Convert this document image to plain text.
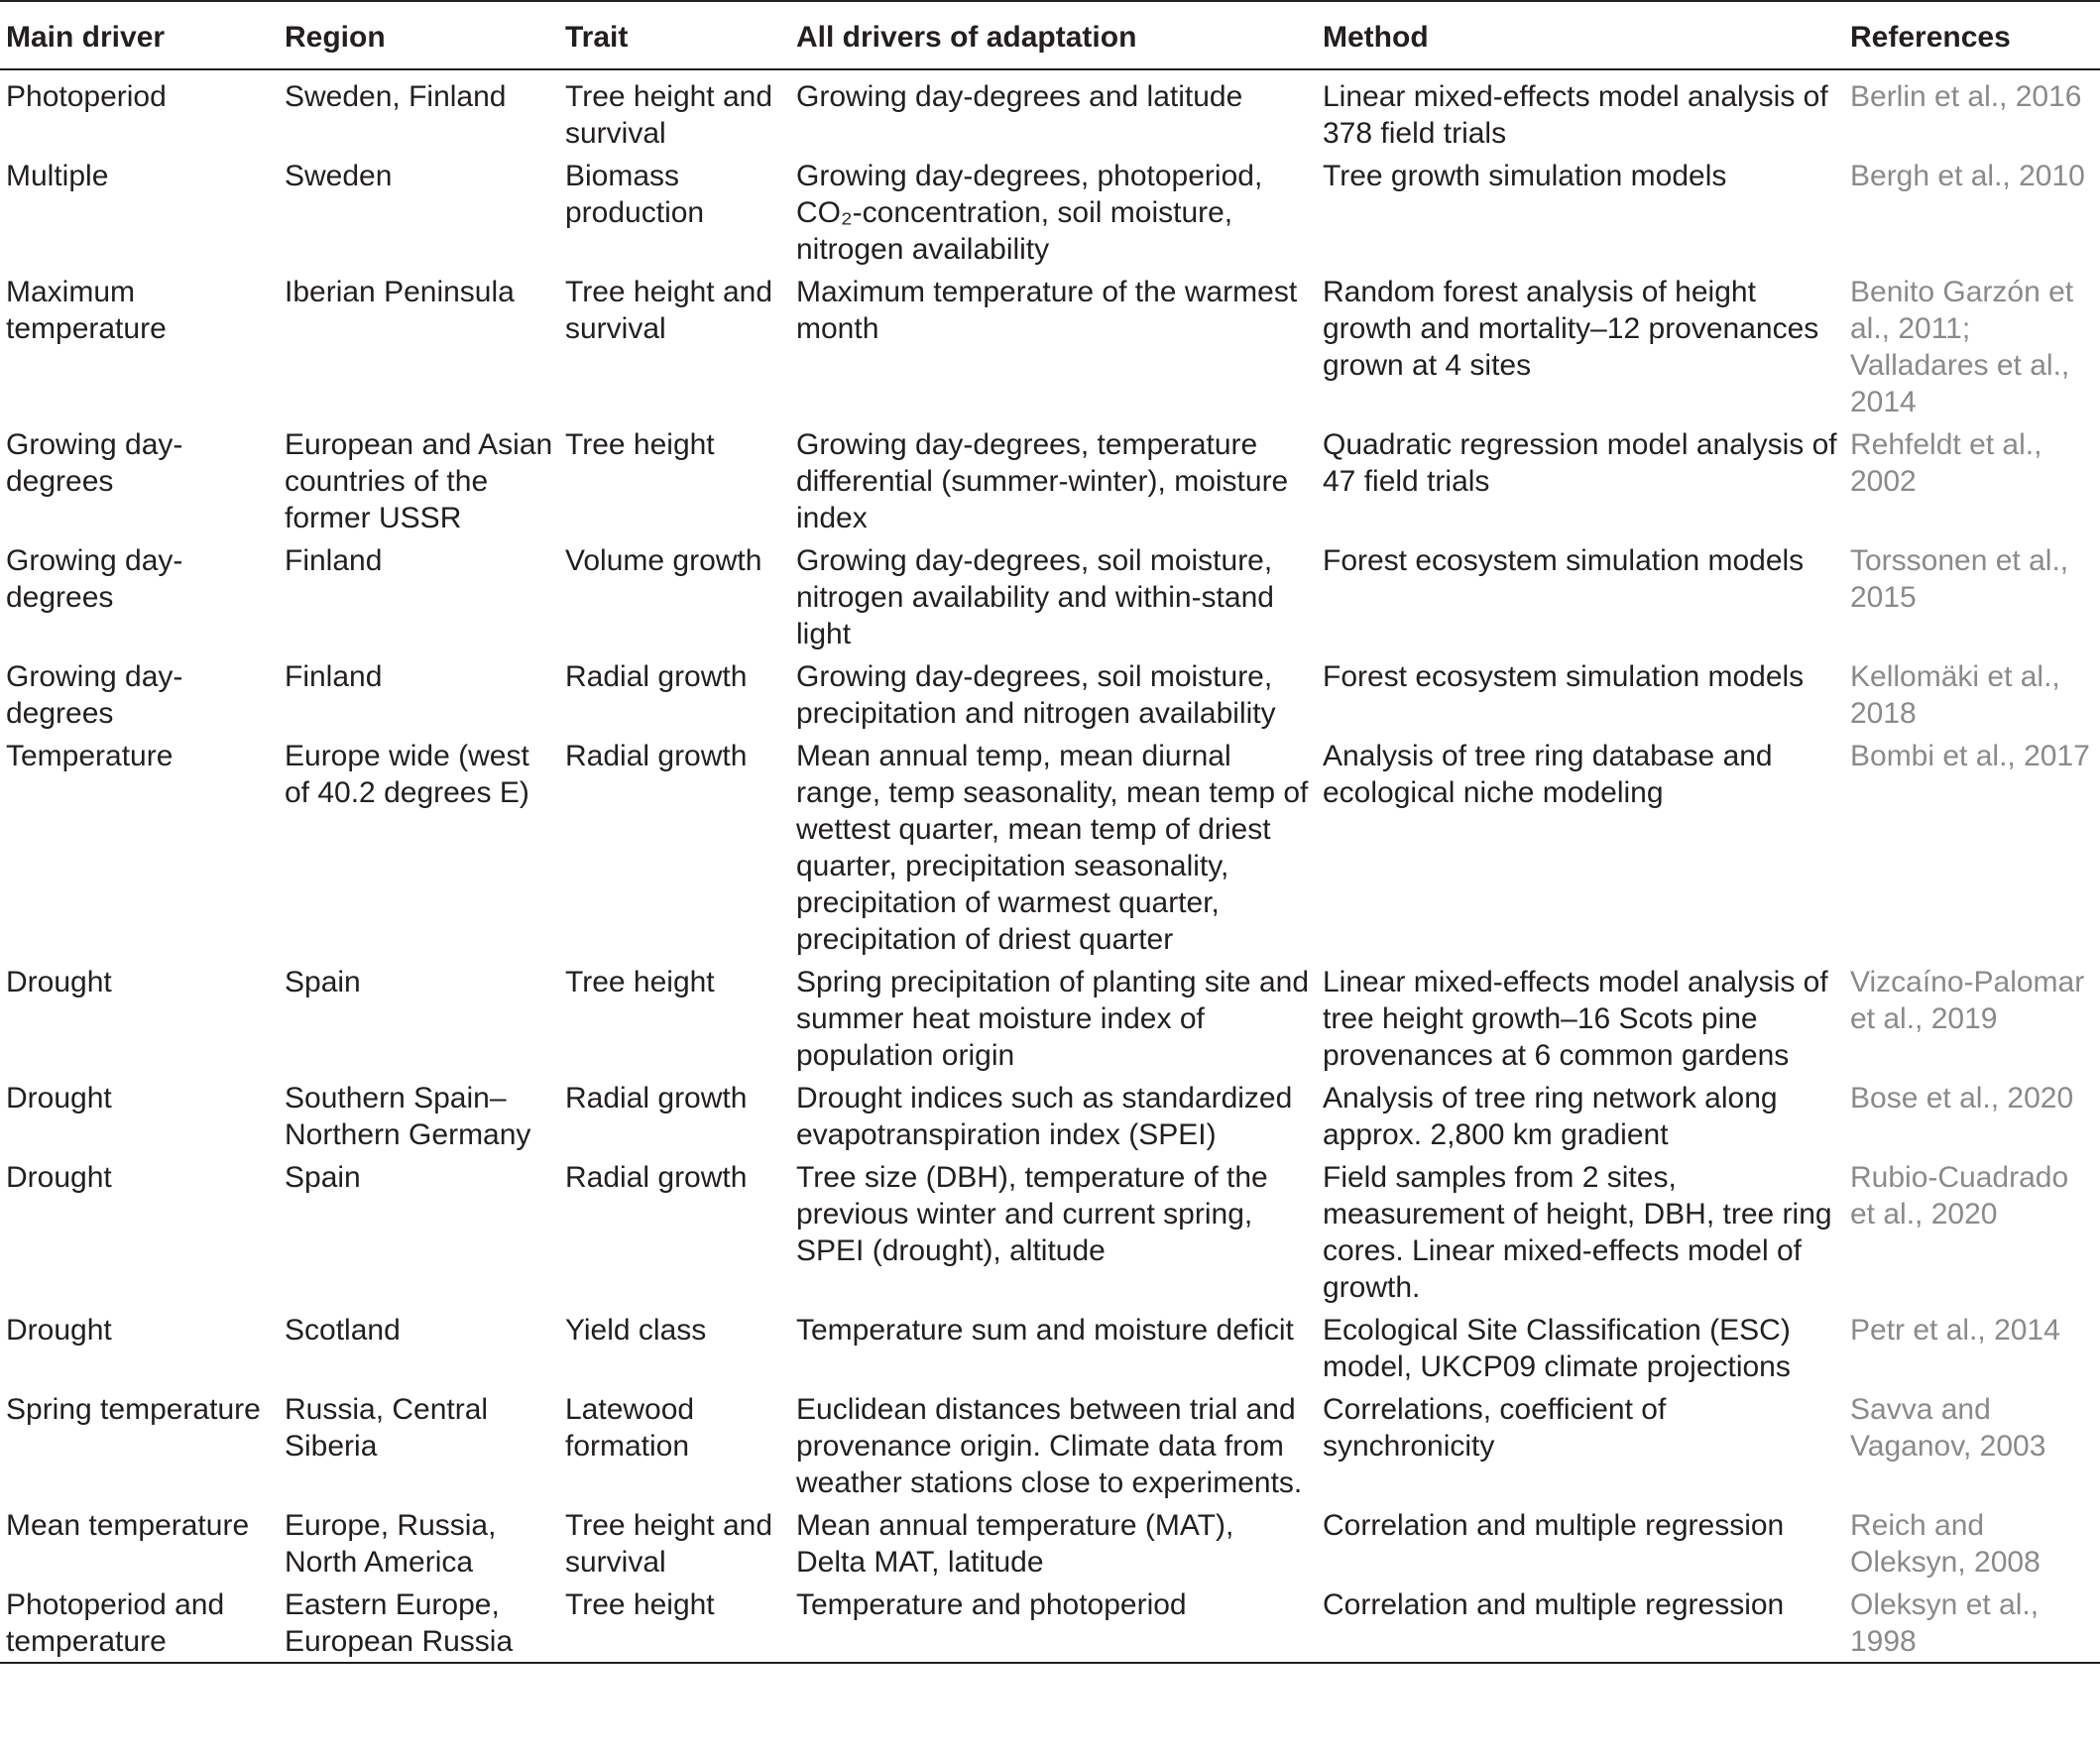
Main driver	Region	Trait	All drivers of adaptation	Method	References
Photoperiod	Sweden, Finland	Tree height and survival	Growing day-degrees and latitude	Linear mixed-effects model analysis of 378 field trials	Berlin et al., 2016
Multiple	Sweden	Biomass production	Growing day-degrees, photoperiod, CO₂-concentration, soil moisture, nitrogen availability	Tree growth simulation models	Bergh et al., 2010
Maximum temperature	Iberian Peninsula	Tree height and survival	Maximum temperature of the warmest month	Random forest analysis of height growth and mortality–12 provenances grown at 4 sites	Benito Garzón et al., 2011; Valladares et al., 2014
Growing day-degrees	European and Asian countries of the former USSR	Tree height	Growing day-degrees, temperature differential (summer-winter), moisture index	Quadratic regression model analysis of 47 field trials	Rehfeldt et al., 2002
Growing day-degrees	Finland	Volume growth	Growing day-degrees, soil moisture, nitrogen availability and within-stand light	Forest ecosystem simulation models	Torssonen et al., 2015
Growing day-degrees	Finland	Radial growth	Growing day-degrees, soil moisture, precipitation and nitrogen availability	Forest ecosystem simulation models	Kellomäki et al., 2018
Temperature	Europe wide (west of 40.2 degrees E)	Radial growth	Mean annual temp, mean diurnal range, temp seasonality, mean temp of wettest quarter, mean temp of driest quarter, precipitation seasonality, precipitation of warmest quarter, precipitation of driest quarter	Analysis of tree ring database and ecological niche modeling	Bombi et al., 2017
Drought	Spain	Tree height	Spring precipitation of planting site and summer heat moisture index of population origin	Linear mixed-effects model analysis of tree height growth–16 Scots pine provenances at 6 common gardens	Vizcaíno-Palomar et al., 2019
Drought	Southern Spain–Northern Germany	Radial growth	Drought indices such as standardized evapotranspiration index (SPEI)	Analysis of tree ring network along approx. 2,800 km gradient	Bose et al., 2020
Drought	Spain	Radial growth	Tree size (DBH), temperature of the previous winter and current spring, SPEI (drought), altitude	Field samples from 2 sites, measurement of height, DBH, tree ring cores. Linear mixed-effects model of growth.	Rubio-Cuadrado et al., 2020
Drought	Scotland	Yield class	Temperature sum and moisture deficit	Ecological Site Classification (ESC) model, UKCP09 climate projections	Petr et al., 2014
Spring temperature	Russia, Central Siberia	Latewood formation	Euclidean distances between trial and provenance origin. Climate data from weather stations close to experiments.	Correlations, coefficient of synchronicity	Savva and Vaganov, 2003
Mean temperature	Europe, Russia, North America	Tree height and survival	Mean annual temperature (MAT), Delta MAT, latitude	Correlation and multiple regression	Reich and Oleksyn, 2008
Photoperiod and temperature	Eastern Europe, European Russia	Tree height	Temperature and photoperiod	Correlation and multiple regression	Oleksyn et al., 1998
